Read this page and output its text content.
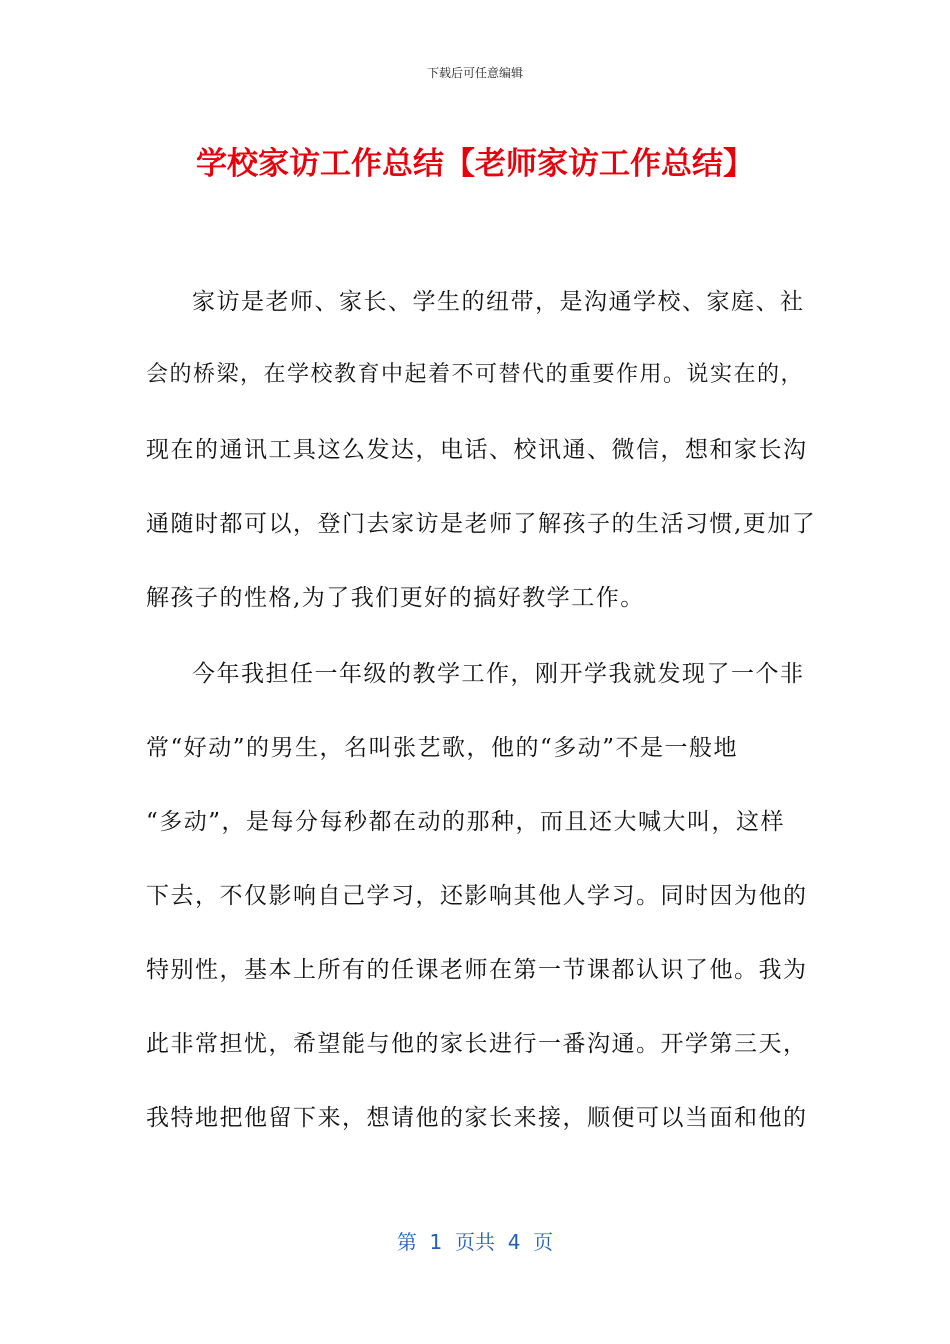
下载后可任意编辑
学校家访工作总结【老师家访工作总结】
家访是老师、家长、学生的纽带，是沟通学校、家庭、社
会的桥梁，在学校教育中起着不可替代的重要作用。说实在的，
现在的通讯工具这么发达，电话、校讯通、微信，想和家长沟
通随时都可以，登门去家访是老师了解孩子的生活习惯,更加了
解孩子的性格,为了我们更好的搞好教学工作。
今年我担任一年级的教学工作，刚开学我就发现了一个非
常“好动”的男生，名叫张艺歌，他的“多动”不是一般地
“多动”，是每分每秒都在动的那种，而且还大喊大叫，这样
下去，不仅影响自己学习，还影响其他人学习。同时因为他的
特别性，基本上所有的任课老师在第一节课都认识了他。我为
此非常担忧，希望能与他的家长进行一番沟通。开学第三天，
我特地把他留下来，想请他的家长来接，顺便可以当面和他的
第  1  页共  4  页
